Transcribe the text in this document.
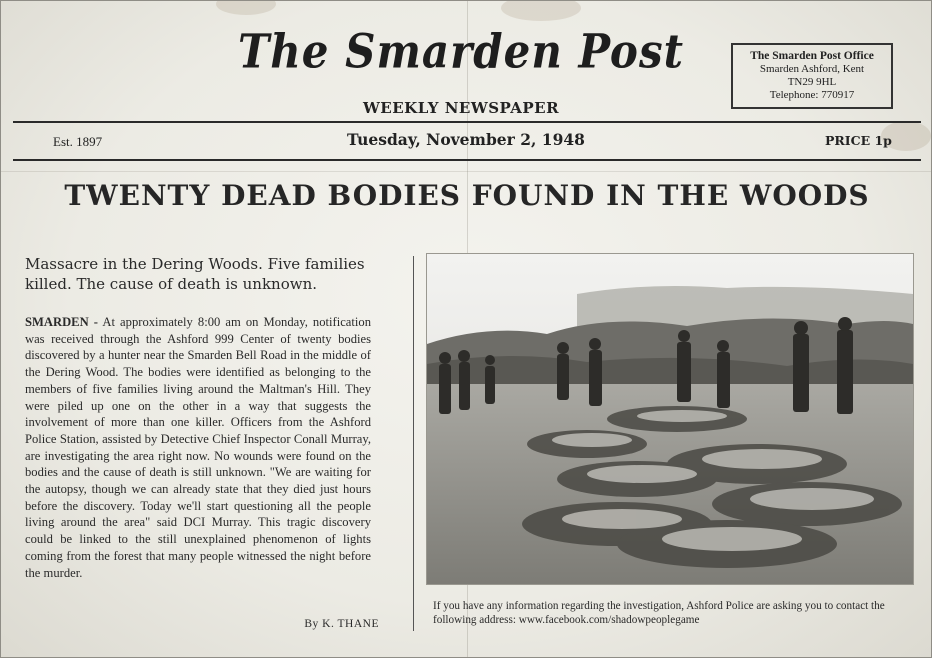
The Smarden Post
WEEKLY NEWSPAPER
The Smarden Post Office
Smarden Ashford, Kent
TN29 9HL
Telephone: 770917
Est. 1897	Tuesday, November 2, 1948	PRICE 1p
TWENTY DEAD BODIES FOUND IN THE WOODS
Massacre in the Dering Woods. Five families killed. The cause of death is unknown.
SMARDEN - At approximately 8:00 am on Monday, notification was received through the Ashford 999 Center of twenty bodies discovered by a hunter near the Smarden Bell Road in the middle of the Dering Wood. The bodies were identified as belonging to the members of five families living around the Maltman's Hill. They were piled up one on the other in a way that suggests the involvement of more than one killer. Officers from the Ashford Police Station, assisted by Detective Chief Inspector Conall Murray, are investigating the area right now. No wounds were found on the bodies and the cause of death is still unknown. "We are waiting for the autopsy, though we can already state that they died just hours before the discovery. Today we'll start questioning all the people living around the area" said DCI Murray. This tragic discovery could be linked to the still unexplained phenomenon of lights coming from the forest that many people witnessed the night before the murder.
By K. THANE
If you have any information regarding the investigation, Ashford Police are asking you to contact the following address: www.facebook.com/shadowpeoplegame
